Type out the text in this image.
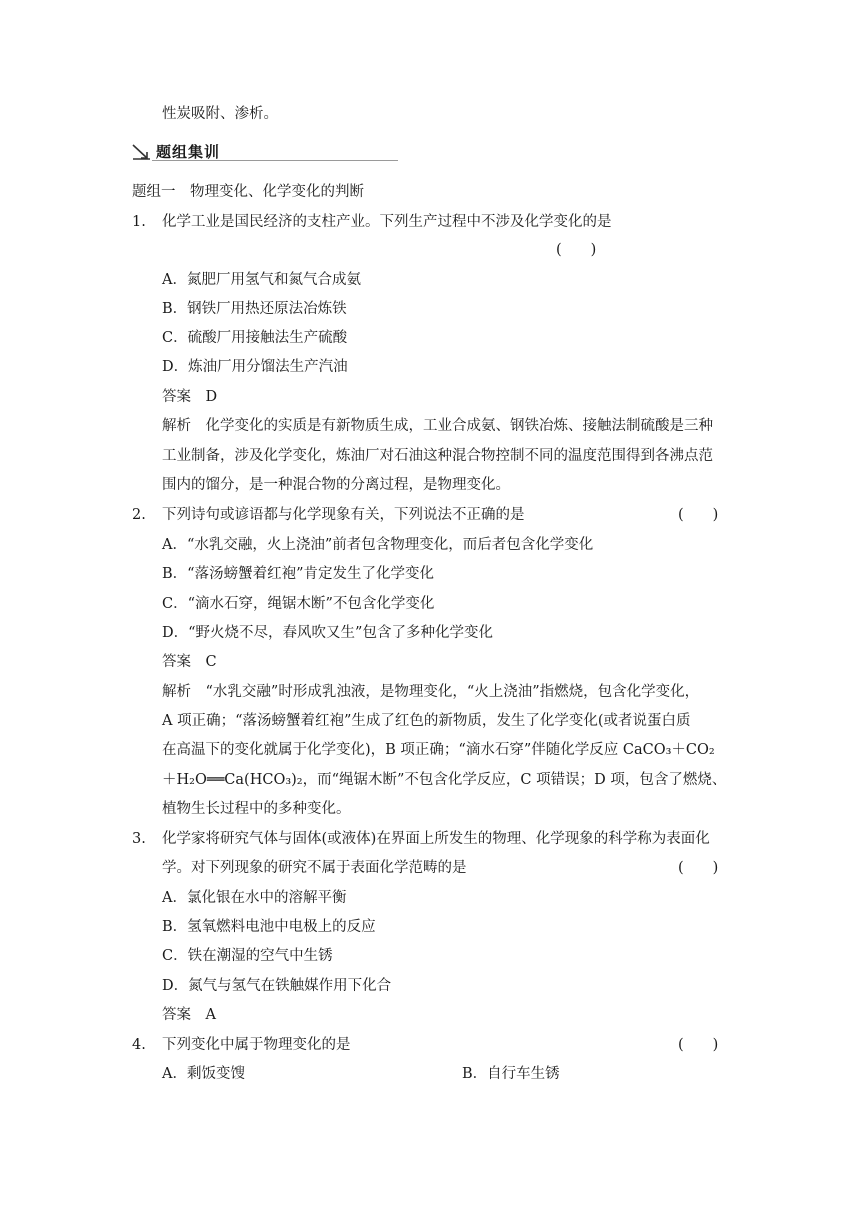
性炭吸附、渗析。
题组集训
题组一　物理变化、化学变化的判断
1. 化学工业是国民经济的支柱产业。下列生产过程中不涉及化学变化的是
(　　)
A．氮肥厂用氢气和氮气合成氨
B．钢铁厂用热还原法冶炼铁
C．硫酸厂用接触法生产硫酸
D．炼油厂用分馏法生产汽油
答案　D
解析　化学变化的实质是有新物质生成，工业合成氨、钢铁冶炼、接触法制硫酸是三种
工业制备，涉及化学变化，炼油厂对石油这种混合物控制不同的温度范围得到各沸点范
围内的馏分，是一种混合物的分离过程，是物理变化。
2. 下列诗句或谚语都与化学现象有关，下列说法不正确的是	(　　)
A．“水乳交融，火上浇油”前者包含物理变化，而后者包含化学变化
B．“落汤螃蟹着红袍”肯定发生了化学变化
C．“滴水石穿，绳锯木断”不包含化学变化
D．“野火烧不尽，春风吹又生”包含了多种化学变化
答案　C
解析　“水乳交融”时形成乳浊液，是物理变化，“火上浇油”指燃烧，包含化学变化，
A 项正确；“落汤螃蟹着红袍”生成了红色的新物质，发生了化学变化(或者说蛋白质
在高温下的变化就属于化学变化)，B 项正确；“滴水石穿”伴随化学反应 CaCO₃＋CO₂
＋H₂O══Ca(HCO₃)₂，而“绳锯木断”不包含化学反应，C 项错误；D 项，包含了燃烧、
植物生长过程中的多种变化。
3. 化学家将研究气体与固体(或液体)在界面上所发生的物理、化学现象的科学称为表面化
学。对下列现象的研究不属于表面化学范畴的是	(　　)
A．氯化银在水中的溶解平衡
B．氢氧燃料电池中电极上的反应
C．铁在潮湿的空气中生锈
D．氮气与氢气在铁触媒作用下化合
答案　A
4. 下列变化中属于物理变化的是	(　　)
A．剩饭变馊	B．自行车生锈
